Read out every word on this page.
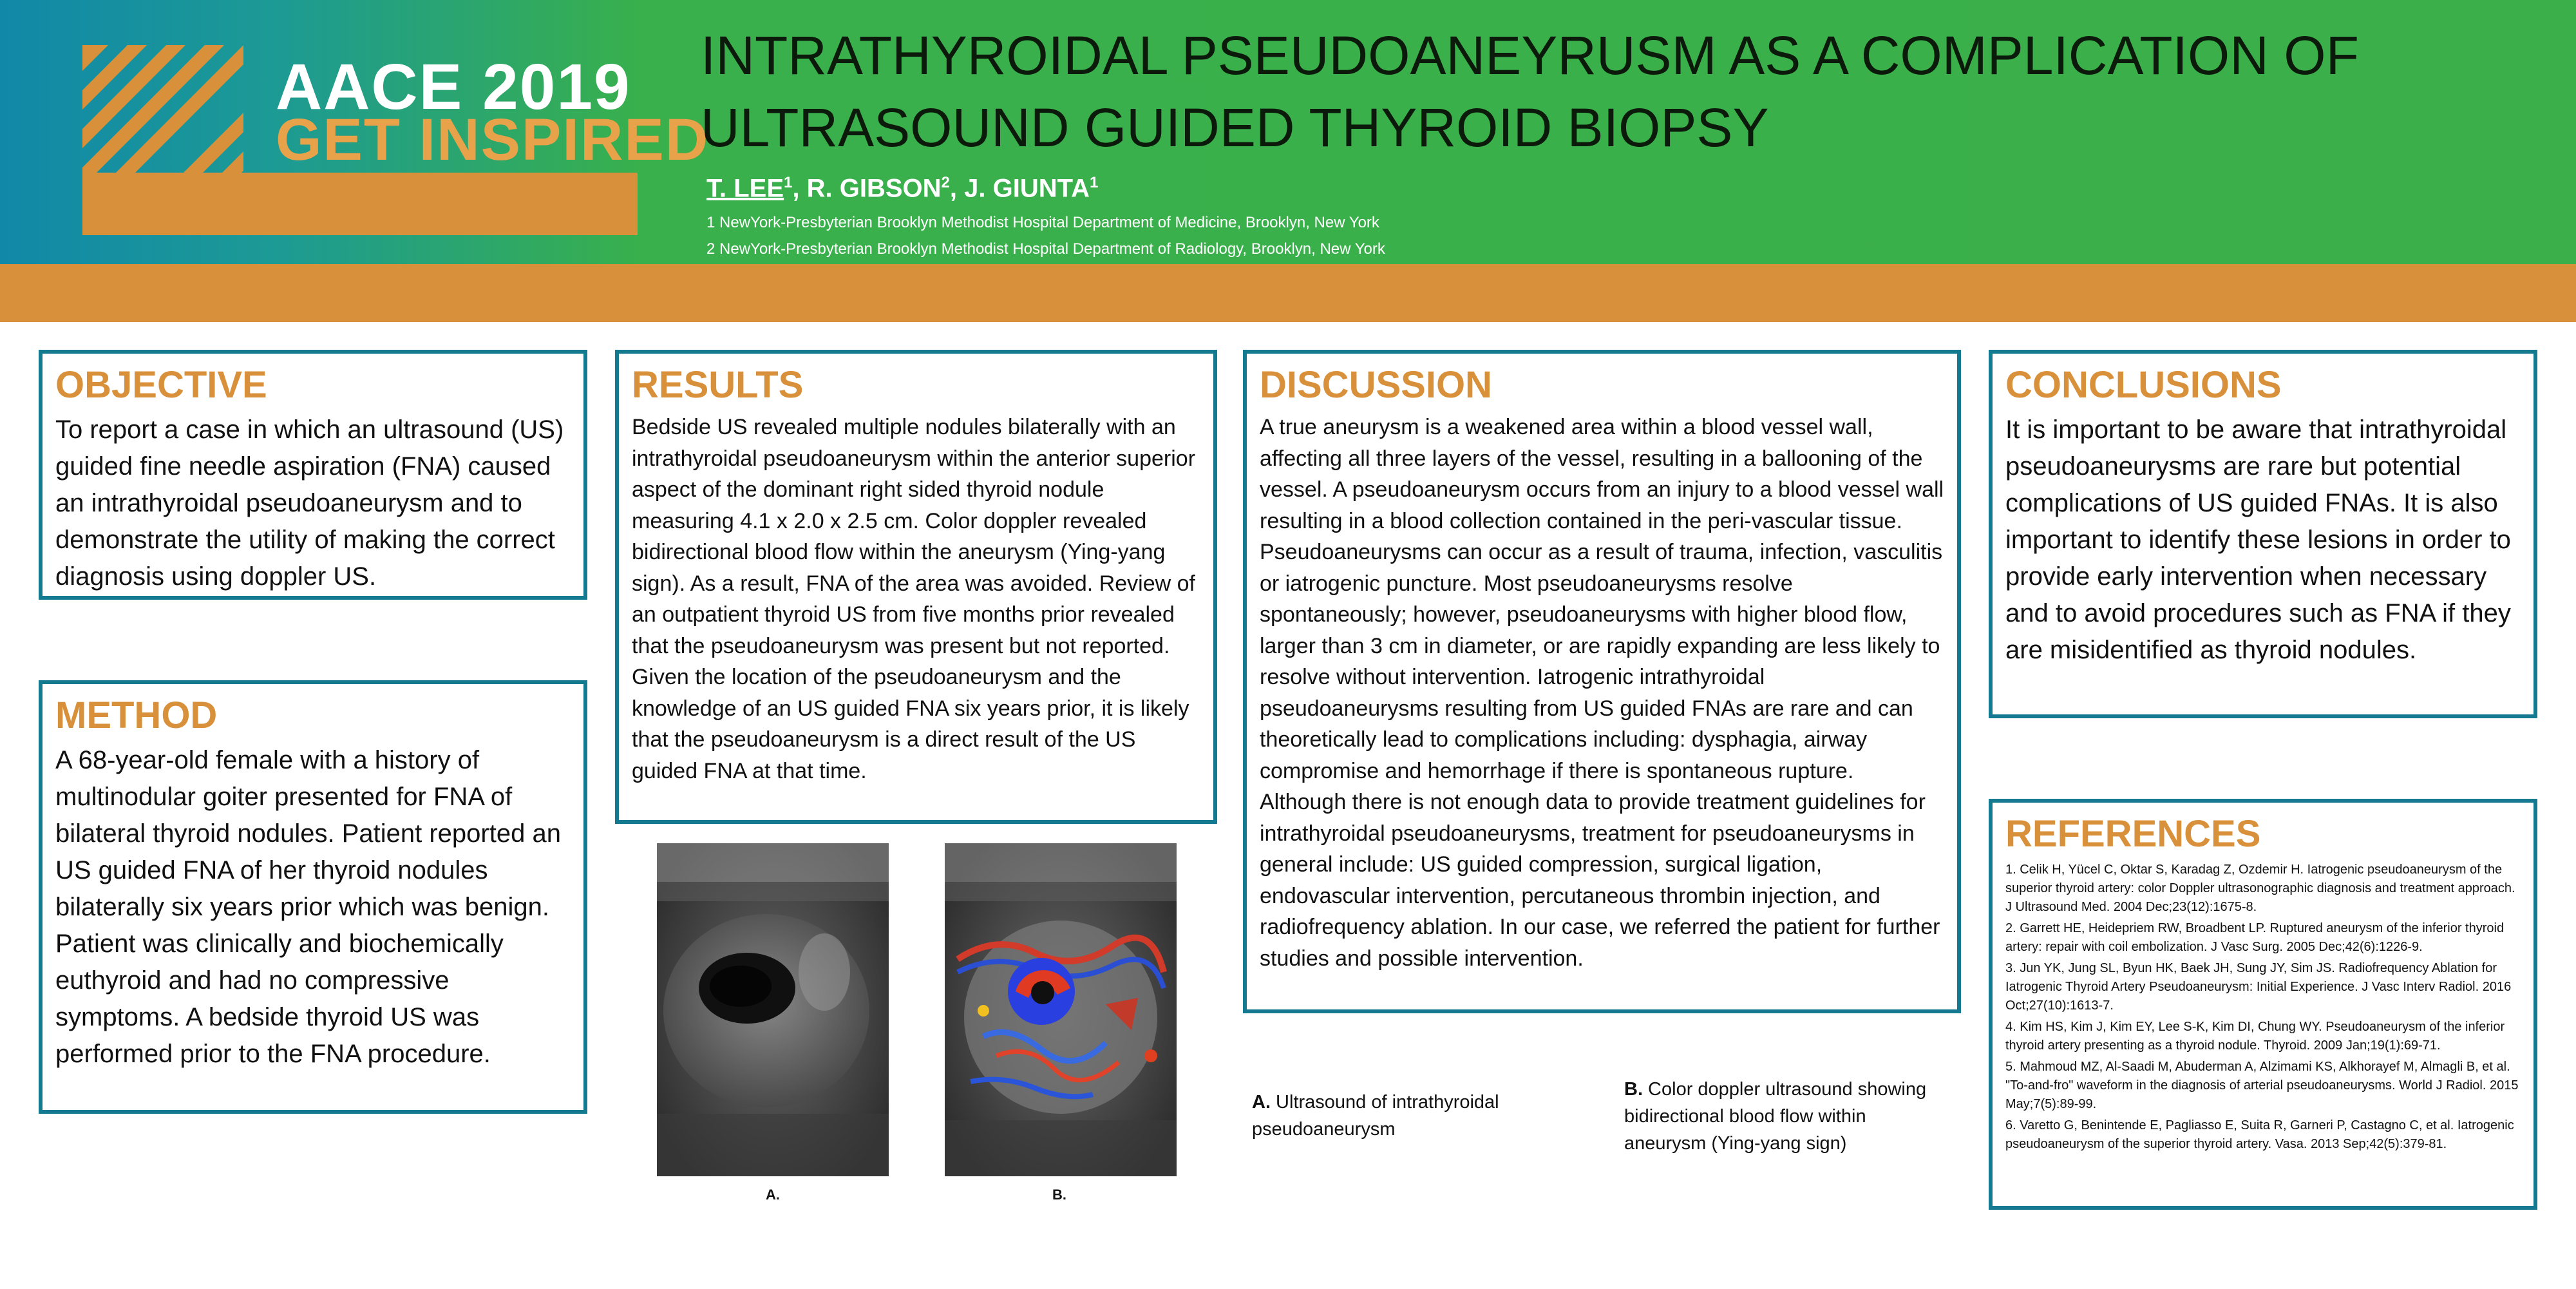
AACE 2019
GET INSPIRED
INTRATHYROIDAL PSEUDOANEYRUSM AS A COMPLICATION OF ULTRASOUND GUIDED THYROID BIOPSY
T. LEE$^1$, R. GIBSON$^2$, J. GIUNTA$^1$
1 NewYork-Presbyterian Brooklyn Methodist Hospital Department of Medicine, Brooklyn, New York
2 NewYork-Presbyterian Brooklyn Methodist Hospital Department of Radiology, Brooklyn, New York
OBJECTIVE

To report a case in which an ultrasound (US) guided fine needle aspiration (FNA) caused an intrathyroidal pseudoaneurysm and to demonstrate the utility of making the correct diagnosis using doppler US.

METHOD

A 68-year-old female with a history of multinodular goiter presented for FNA of bilateral thyroid nodules. Patient reported an US guided FNA of her thyroid nodules bilaterally six years prior which was benign. Patient was clinically and biochemically euthyroid and had no compressive symptoms. A bedside thyroid US was performed prior to the FNA procedure.

RESULTS

Bedside US revealed multiple nodules bilaterally with an intrathyroidal pseudoaneurysm within the anterior superior aspect of the dominant right sided thyroid nodule measuring 4.1 x 2.0 x 2.5 cm. Color doppler revealed bidirectional blood flow within the aneurysm (Ying-yang sign). As a result, FNA of the area was avoided. Review of an outpatient thyroid US from five months prior revealed that the pseudoaneurysm was present but not reported. Given the location of the pseudoaneurysm and the knowledge of an US guided FNA six years prior, it is likely that the pseudoaneurysm is a direct result of the US guided FNA at that time.

A.	B.
DISCUSSION

A true aneurysm is a weakened area within a blood vessel wall, affecting all three layers of the vessel, resulting in a ballooning of the vessel. A pseudoaneurysm occurs from an injury to a blood vessel wall resulting in a blood collection contained in the peri-vascular tissue. Pseudoaneurysms can occur as a result of trauma, infection, vasculitis or iatrogenic puncture. Most pseudoaneurysms resolve spontaneously; however, pseudoaneurysms with higher blood flow, larger than 3 cm in diameter, or are rapidly expanding are less likely to resolve without intervention. Iatrogenic intrathyroidal pseudoaneurysms resulting from US guided FNAs are rare and can theoretically lead to complications including: dysphagia, airway compromise and hemorrhage if there is spontaneous rupture. Although there is not enough data to provide treatment guidelines for intrathyroidal pseudoaneurysms, treatment for pseudoaneurysms in general include: US guided compression, surgical ligation, endovascular intervention, percutaneous thrombin injection, and radiofrequency ablation. In our case, we referred the patient for further studies and possible intervention.

A. Ultrasound of intrathyroidal pseudoaneurysm
B. Color doppler ultrasound showing bidirectional blood flow within aneurysm (Ying-yang sign)
CONCLUSIONS

It is important to be aware that intrathyroidal pseudoaneurysms are rare but potential complications of US guided FNAs. It is also important to identify these lesions in order to provide early intervention when necessary and to avoid procedures such as FNA if they are misidentified as thyroid nodules.

REFERENCES
1. Celik H, Yücel C, Oktar S, Karadag Z, Ozdemir H. Iatrogenic pseudoaneurysm of the superior thyroid artery: color Doppler ultrasonographic diagnosis and treatment approach. J Ultrasound Med. 2004 Dec;23(12):1675-8.
2. Garrett HE, Heidepriem RW, Broadbent LP. Ruptured aneurysm of the inferior thyroid artery: repair with coil embolization. J Vasc Surg. 2005 Dec;42(6):1226-9.
3. Jun YK, Jung SL, Byun HK, Baek JH, Sung JY, Sim JS. Radiofrequency Ablation for Iatrogenic Thyroid Artery Pseudoaneurysm: Initial Experience. J Vasc Interv Radiol. 2016 Oct;27(10):1613-7.
4. Kim HS, Kim J, Kim EY, Lee S-K, Kim DI, Chung WY. Pseudoaneurysm of the inferior thyroid artery presenting as a thyroid nodule. Thyroid. 2009 Jan;19(1):69-71.
5. Mahmoud MZ, Al-Saadi M, Abuderman A, Alzimami KS, Alkhorayef M, Almagli B, et al. "To-and-fro" waveform in the diagnosis of arterial pseudoaneurysms. World J Radiol. 2015 May;7(5):89-99.
6. Varetto G, Benintende E, Pagliasso E, Suita R, Garneri P, Castagno C, et al. Iatrogenic pseudoaneurysm of the superior thyroid artery. Vasa. 2013 Sep;42(5):379-81.
